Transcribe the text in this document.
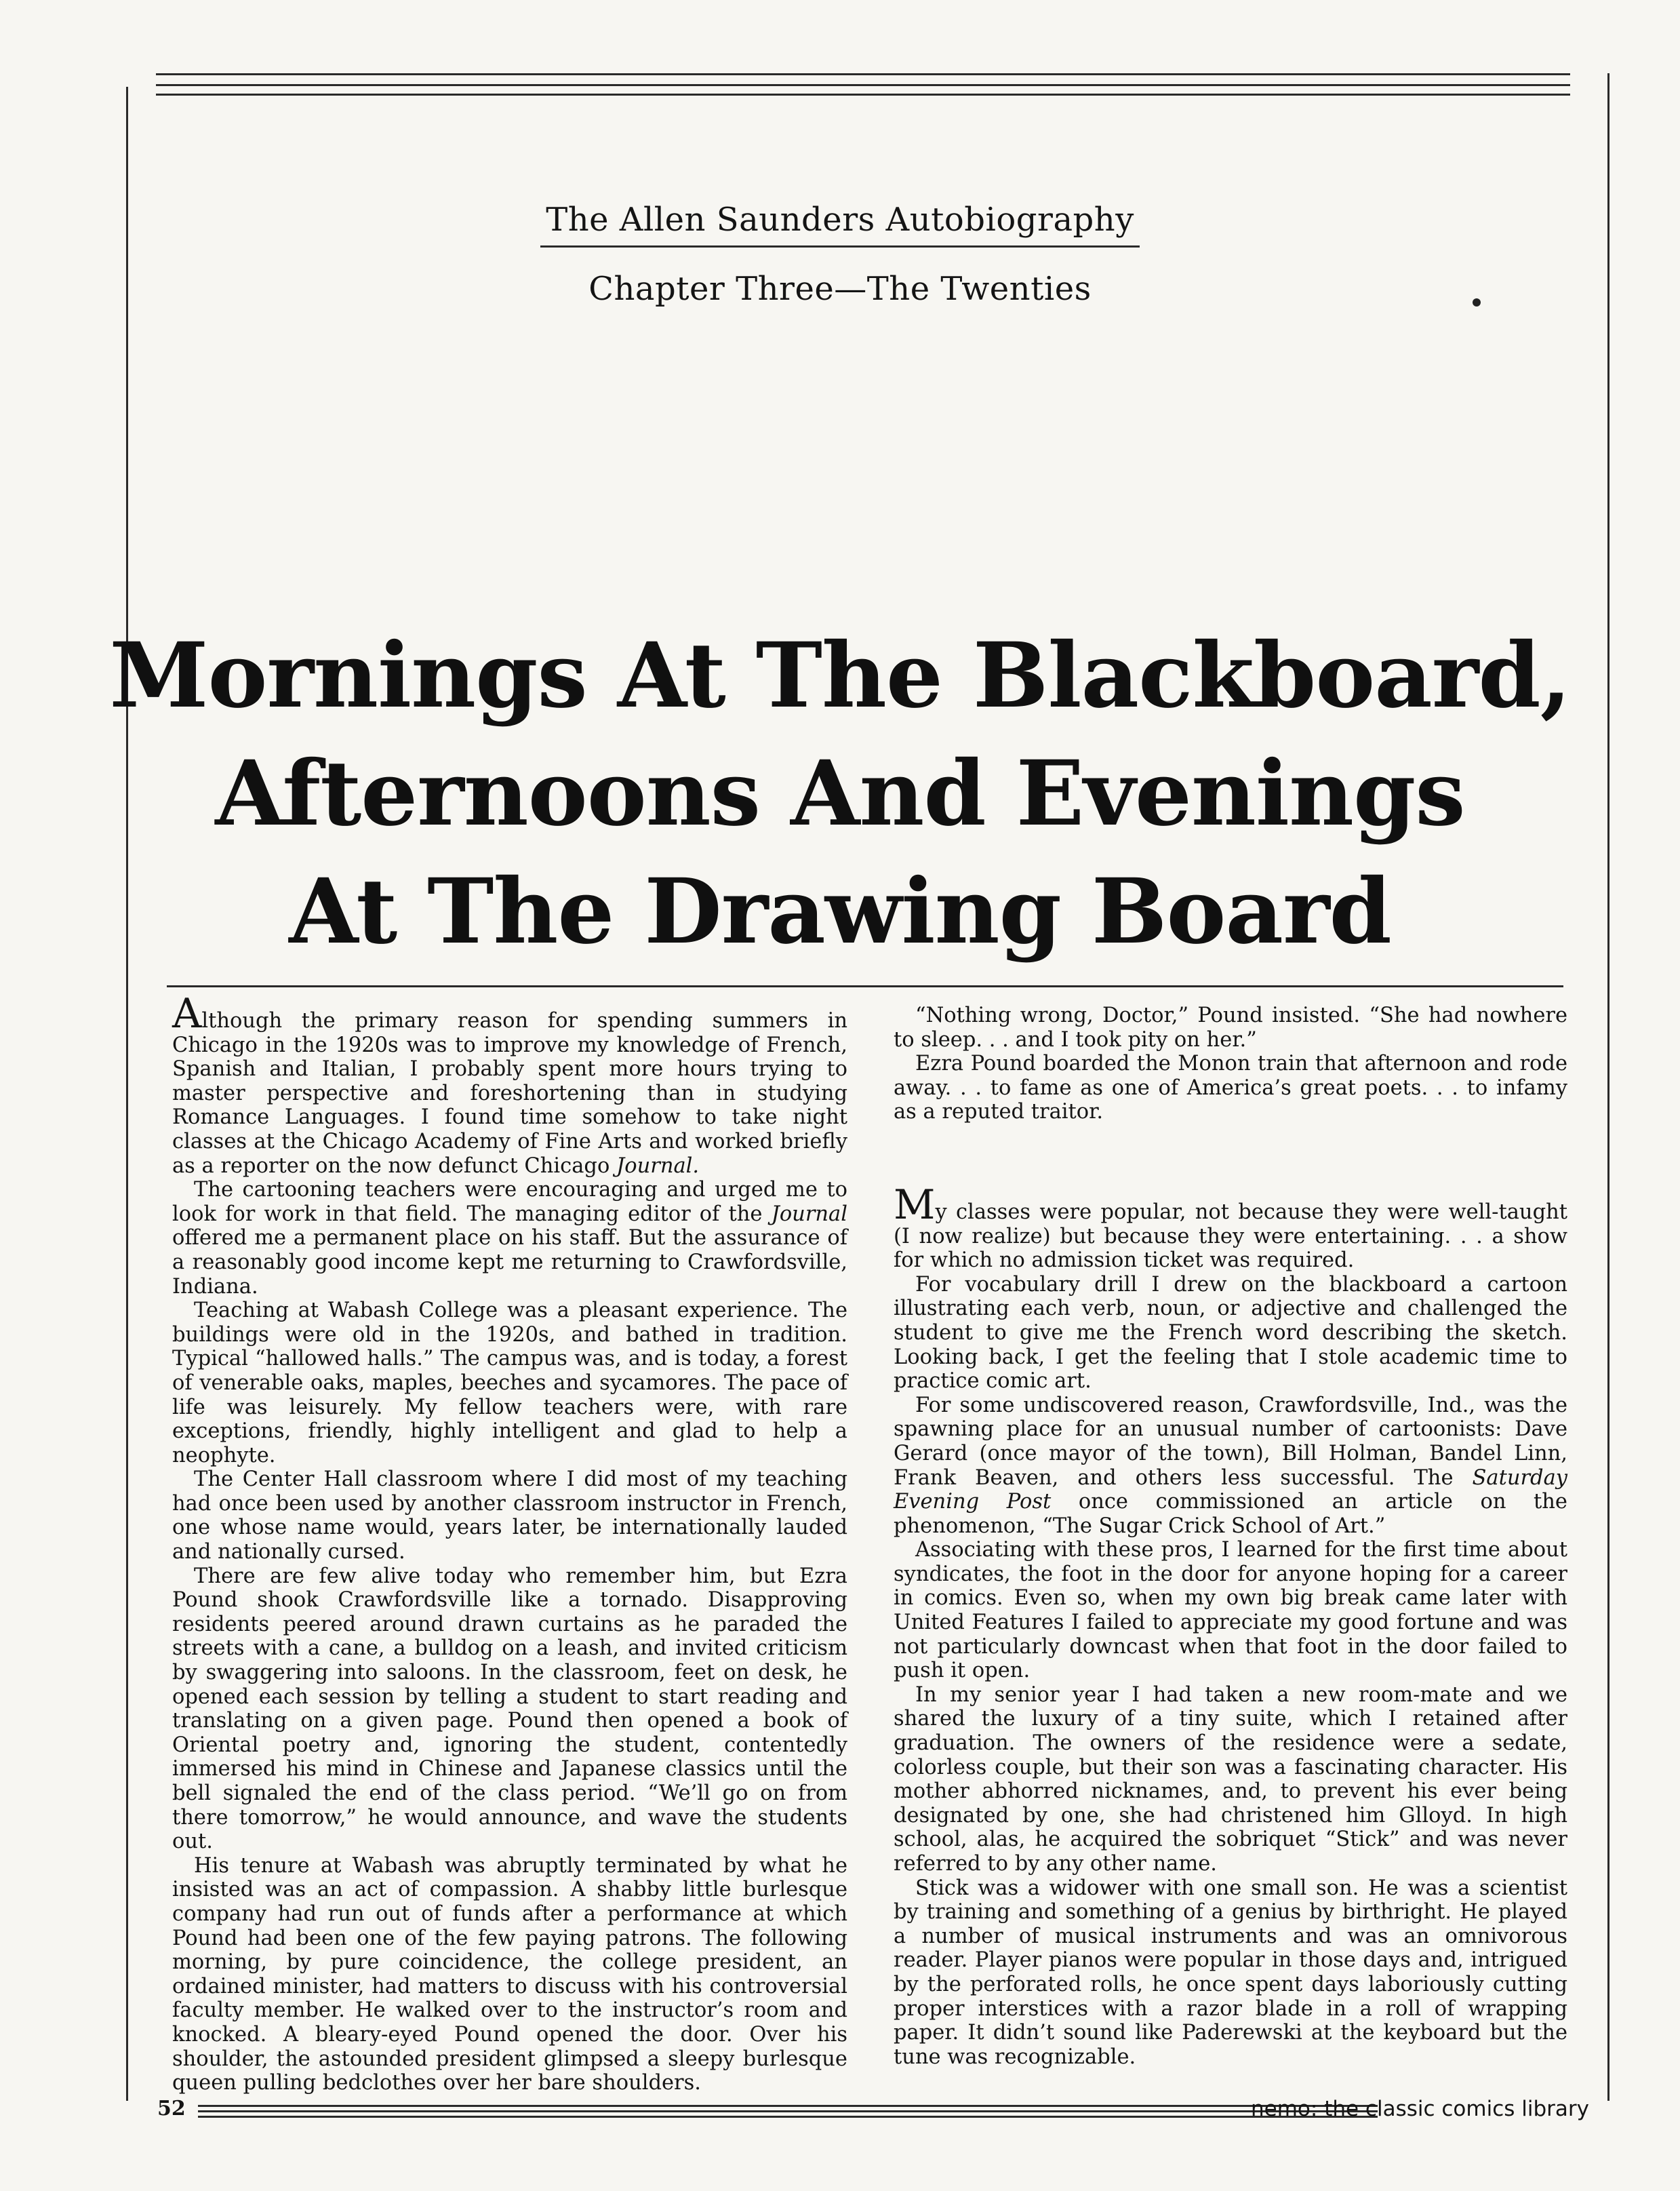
The Allen Saunders Autobiography
Chapter Three—The Twenties
Mornings At The Blackboard,
Afternoons And Evenings
At The Drawing Board

Although the primary reason for spending summers in Chicago in the 1920s was to improve my knowledge of French, Spanish and Italian, I probably spent more hours trying to master perspective and foreshortening than in studying Romance Languages. I found time somehow to take night classes at the Chicago Academy of Fine Arts and worked briefly as a reporter on the now defunct Chicago Journal.

The cartooning teachers were encouraging and urged me to look for work in that field. The managing editor of the Journal offered me a permanent place on his staff. But the assurance of a reasonably good income kept me returning to Crawfordsville, Indiana.

Teaching at Wabash College was a pleasant experience. The buildings were old in the 1920s, and bathed in tradition. Typical “hallowed halls.” The campus was, and is today, a forest of venerable oaks, maples, beeches and sycamores. The pace of life was leisurely. My fellow teachers were, with rare exceptions, friendly, highly intelligent and glad to help a neophyte.

The Center Hall classroom where I did most of my teaching had once been used by another classroom instructor in French, one whose name would, years later, be internationally lauded and nationally cursed.

There are few alive today who remember him, but Ezra Pound shook Crawfordsville like a tornado. Disapproving residents peered around drawn curtains as he paraded the streets with a cane, a bulldog on a leash, and invited criticism by swaggering into saloons. In the classroom, feet on desk, he opened each session by telling a student to start reading and translating on a given page. Pound then opened a book of Oriental poetry and, ignoring the student, contentedly immersed his mind in Chinese and Japanese classics until the bell signaled the end of the class period. “We’ll go on from there tomorrow,” he would announce, and wave the students out.

His tenure at Wabash was abruptly terminated by what he insisted was an act of compassion. A shabby little burlesque company had run out of funds after a performance at which Pound had been one of the few paying patrons. The following morning, by pure coincidence, the college president, an ordained minister, had matters to discuss with his controversial faculty member. He walked over to the instructor’s room and knocked. A bleary-eyed Pound opened the door. Over his shoulder, the astounded president glimpsed a sleepy burlesque queen pulling bedclothes over her bare shoulders.

“Nothing wrong, Doctor,” Pound insisted. “She had nowhere to sleep. . . and I took pity on her.”

Ezra Pound boarded the Monon train that afternoon and rode away. . . to fame as one of America’s great poets. . . to infamy as a reputed traitor.

My classes were popular, not because they were well-taught (I now realize) but because they were entertaining. . . a show for which no admission ticket was required.

For vocabulary drill I drew on the blackboard a cartoon illustrating each verb, noun, or adjective and challenged the student to give me the French word describing the sketch. Looking back, I get the feeling that I stole academic time to practice comic art.

For some undiscovered reason, Crawfordsville, Ind., was the spawning place for an unusual number of cartoonists: Dave Gerard (once mayor of the town), Bill Holman, Bandel Linn, Frank Beaven, and others less successful. The Saturday Evening Post once commissioned an article on the phenomenon, “The Sugar Crick School of Art.”

Associating with these pros, I learned for the first time about syndicates, the foot in the door for anyone hoping for a career in comics. Even so, when my own big break came later with United Features I failed to appreciate my good fortune and was not particularly downcast when that foot in the door failed to push it open.

In my senior year I had taken a new room-mate and we shared the luxury of a tiny suite, which I retained after graduation. The owners of the residence were a sedate, colorless couple, but their son was a fascinating character. His mother abhorred nicknames, and, to prevent his ever being designated by one, she had christened him Glloyd. In high school, alas, he acquired the sobriquet “Stick” and was never referred to by any other name.

Stick was a widower with one small son. He was a scientist by training and something of a genius by birthright. He played a number of musical instruments and was an omnivorous reader. Player pianos were popular in those days and, intrigued by the perforated rolls, he once spent days laboriously cutting proper interstices with a razor blade in a roll of wrapping paper. It didn’t sound like Paderewski at the keyboard but the tune was recognizable.

52	nemo: the classic comics library
